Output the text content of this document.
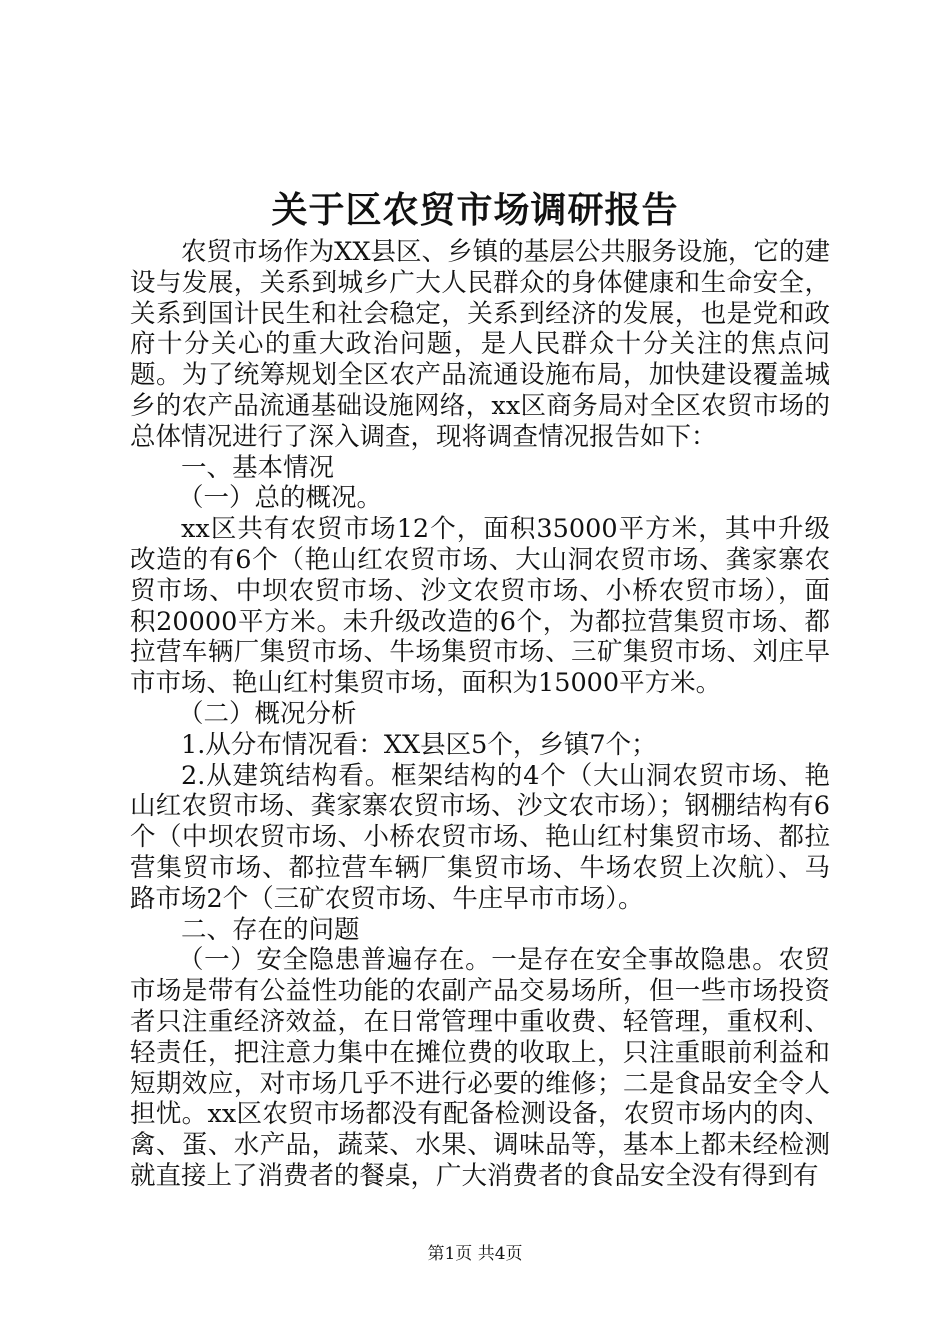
关于区农贸市场调研报告

农贸市场作为XX县区、乡镇的基层公共服务设施，它的建设与发展，关系到城乡广大人民群众的身体健康和生命安全，关系到国计民生和社会稳定，关系到经济的发展，也是党和政府十分关心的重大政治问题，是人民群众十分关注的焦点问题。为了统筹规划全区农产品流通设施布局，加快建设覆盖城乡的农产品流通基础设施网络，xx区商务局对全区农贸市场的总体情况进行了深入调查，现将调查情况报告如下：

一、基本情况

（一）总的概况。

xx区共有农贸市场12个，面积35000平方米，其中升级改造的有6个（艳山红农贸市场、大山洞农贸市场、龚家寨农贸市场、中坝农贸市场、沙文农贸市场、小桥农贸市场），面积20000平方米。未升级改造的6个，为都拉营集贸市场、都拉营车辆厂集贸市场、牛场集贸市场、三矿集贸市场、刘庄早市市场、艳山红村集贸市场，面积为15000平方米。

（二）概况分析

1.从分布情况看：XX县区5个，乡镇7个；

2.从建筑结构看。框架结构的4个（大山洞农贸市场、艳山红农贸市场、龚家寨农贸市场、沙文农市场）；钢棚结构有6个（中坝农贸市场、小桥农贸市场、艳山红村集贸市场、都拉营集贸市场、都拉营车辆厂集贸市场、牛场农贸上次航）、马路市场2个（三矿农贸市场、牛庄早市市场）。

二、存在的问题

（一）安全隐患普遍存在。一是存在安全事故隐患。农贸市场是带有公益性功能的农副产品交易场所，但一些市场投资者只注重经济效益，在日常管理中重收费、轻管理，重权利、轻责任，把注意力集中在摊位费的收取上，只注重眼前利益和短期效应，对市场几乎不进行必要的维修；二是食品安全令人担忧。xx区农贸市场都没有配备检测设备，农贸市场内的肉、禽、蛋、水产品，蔬菜、水果、调味品等，基本上都未经检测就直接上了消费者的餐桌，广大消费者的食品安全没有得到有

第1页 共4页
